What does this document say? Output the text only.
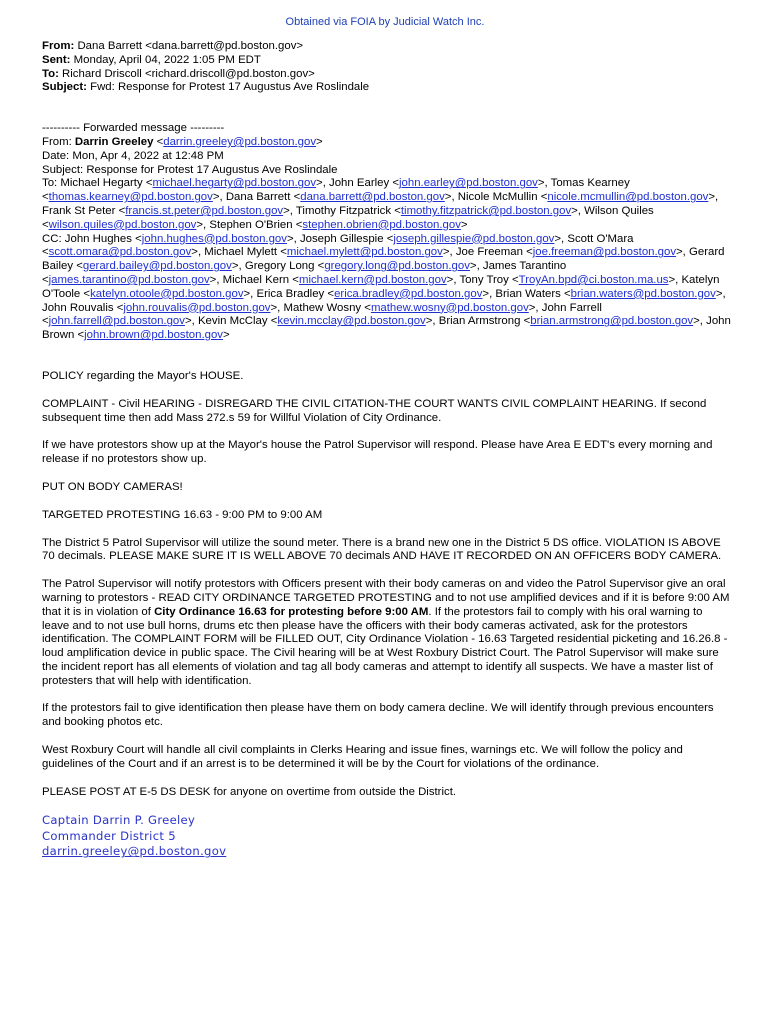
Obtained via FOIA by Judicial Watch Inc.
From: Dana Barrett <dana.barrett@pd.boston.gov>
Sent: Monday, April 04, 2022 1:05 PM EDT
To: Richard Driscoll <richard.driscoll@pd.boston.gov>
Subject: Fwd: Response for Protest 17 Augustus Ave Roslindale
---------- Forwarded message ---------
From: Darrin Greeley <darrin.greeley@pd.boston.gov>
Date: Mon, Apr 4, 2022 at 12:48 PM
Subject: Response for Protest 17 Augustus Ave Roslindale
To: Michael Hegarty <michael.hegarty@pd.boston.gov>, John Earley <john.earley@pd.boston.gov>, Tomas Kearney <thomas.kearney@pd.boston.gov>, Dana Barrett <dana.barrett@pd.boston.gov>, Nicole McMullin <nicole.mcmullin@pd.boston.gov>, Frank St Peter <francis.st.peter@pd.boston.gov>, Timothy Fitzpatrick <timothy.fitzpatrick@pd.boston.gov>, Wilson Quiles <wilson.quiles@pd.boston.gov>, Stephen O'Brien <stephen.obrien@pd.boston.gov>
CC: John Hughes <john.hughes@pd.boston.gov>, Joseph Gillespie <joseph.gillespie@pd.boston.gov>, Scott O'Mara <scott.omara@pd.boston.gov>, Michael Mylett <michael.mylett@pd.boston.gov>, Joe Freeman <joe.freeman@pd.boston.gov>, Gerard Bailey <gerard.bailey@pd.boston.gov>, Gregory Long <gregory.long@pd.boston.gov>, James Tarantino <james.tarantino@pd.boston.gov>, Michael Kern <michael.kern@pd.boston.gov>, Tony Troy <TroyAn.bpd@ci.boston.ma.us>, Katelyn O'Toole <katelyn.otoole@pd.boston.gov>, Erica Bradley <erica.bradley@pd.boston.gov>, Brian Waters <brian.waters@pd.boston.gov>, John Rouvalis <john.rouvalis@pd.boston.gov>, Mathew Wosny <mathew.wosny@pd.boston.gov>, John Farrell <john.farrell@pd.boston.gov>, Kevin McClay <kevin.mcclay@pd.boston.gov>, Brian Armstrong <brian.armstrong@pd.boston.gov>, John Brown <john.brown@pd.boston.gov>

POLICY regarding the Mayor's HOUSE.

COMPLAINT - Civil HEARING - DISREGARD THE CIVIL CITATION-THE COURT WANTS CIVIL COMPLAINT HEARING. If second subsequent time then add Mass 272.s 59 for Willful Violation of City Ordinance.

If we have protestors show up at the Mayor's house the Patrol Supervisor will respond. Please have Area E EDT's every morning and release if no protestors show up.

PUT ON BODY CAMERAS!

TARGETED PROTESTING 16.63 - 9:00 PM to 9:00 AM

The District 5 Patrol Supervisor will utilize the sound meter. There is a brand new one in the District 5 DS office. VIOLATION IS ABOVE 70 decimals. PLEASE MAKE SURE IT IS WELL ABOVE 70 decimals AND HAVE IT RECORDED ON AN OFFICERS BODY CAMERA.

The Patrol Supervisor will notify protestors with Officers present with their body cameras on and video the Patrol Supervisor give an oral warning to protestors - READ CITY ORDINANCE TARGETED PROTESTING and to not use amplified devices and if it is before 9:00 AM that it is in violation of City Ordinance 16.63 for protesting before 9:00 AM. If the protestors fail to comply with his oral warning to leave and to not use bull horns, drums etc then please have the officers with their body cameras activated, ask for the protestors identification. The COMPLAINT FORM will be FILLED OUT, City Ordinance Violation - 16.63 Targeted residential picketing and 16.26.8 - loud amplification device in public space. The Civil hearing will be at West Roxbury District Court. The Patrol Supervisor will make sure the incident report has all elements of violation and tag all body cameras and attempt to identify all suspects. We have a master list of protesters that will help with identification.

If the protestors fail to give identification then please have them on body camera decline. We will identify through previous encounters and booking photos etc.

West Roxbury Court will handle all civil complaints in Clerks Hearing and issue fines, warnings etc. We will follow the policy and guidelines of the Court and if an arrest is to be determined it will be by the Court for violations of the ordinance.

PLEASE POST AT E-5 DS DESK for anyone on overtime from outside the District.

Captain Darrin P. Greeley
Commander District 5
darrin.greeley@pd.boston.gov
